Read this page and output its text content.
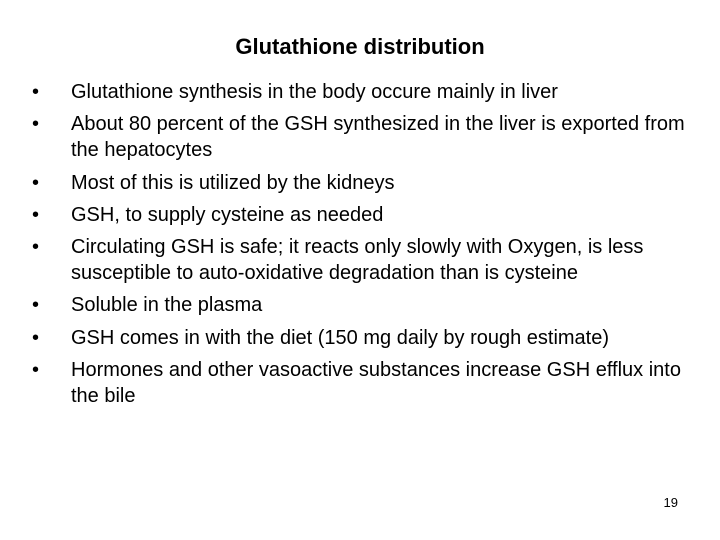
Glutathione distribution
•	Glutathione synthesis in the body occure mainly in liver
•	About 80 percent of the GSH synthesized in the liver is exported from the hepatocytes
•	Most of this is utilized by the kidneys
•	GSH, to supply cysteine as needed
•	Circulating GSH is safe; it reacts only slowly with Oxygen, is less susceptible to auto-oxidative degradation than is cysteine
•	Soluble in the plasma
•	GSH comes in with the diet (150 mg daily by rough estimate)
•	Hormones and other vasoactive substances increase GSH efflux into the bile
19
